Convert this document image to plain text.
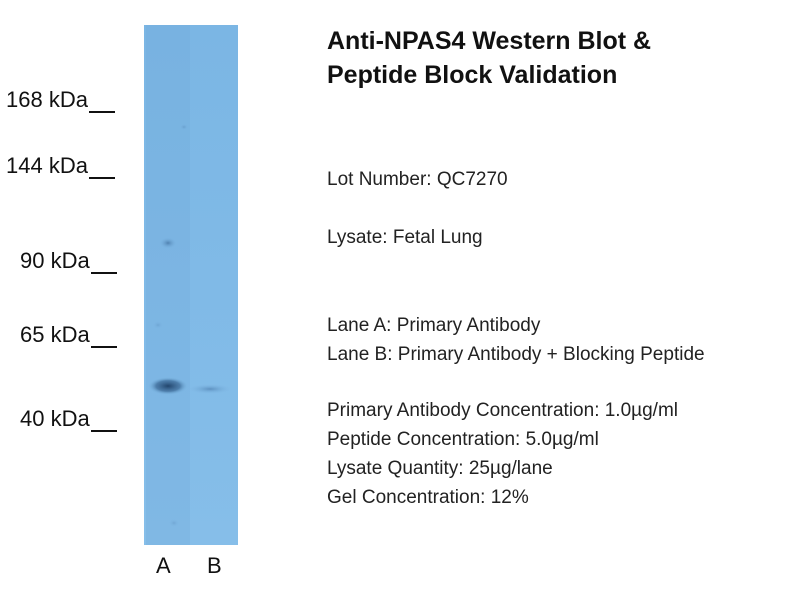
168 kDa
144 kDa
90 kDa
65 kDa
40 kDa
A B
Anti-NPAS4 Western Blot &
Peptide Block Validation
Lot Number: QC7270
Lysate: Fetal Lung
Lane A: Primary Antibody
Lane B: Primary Antibody + Blocking Peptide
Primary Antibody Concentration: 1.0µg/ml
Peptide Concentration: 5.0µg/ml
Lysate Quantity: 25µg/lane
Gel Concentration: 12%
